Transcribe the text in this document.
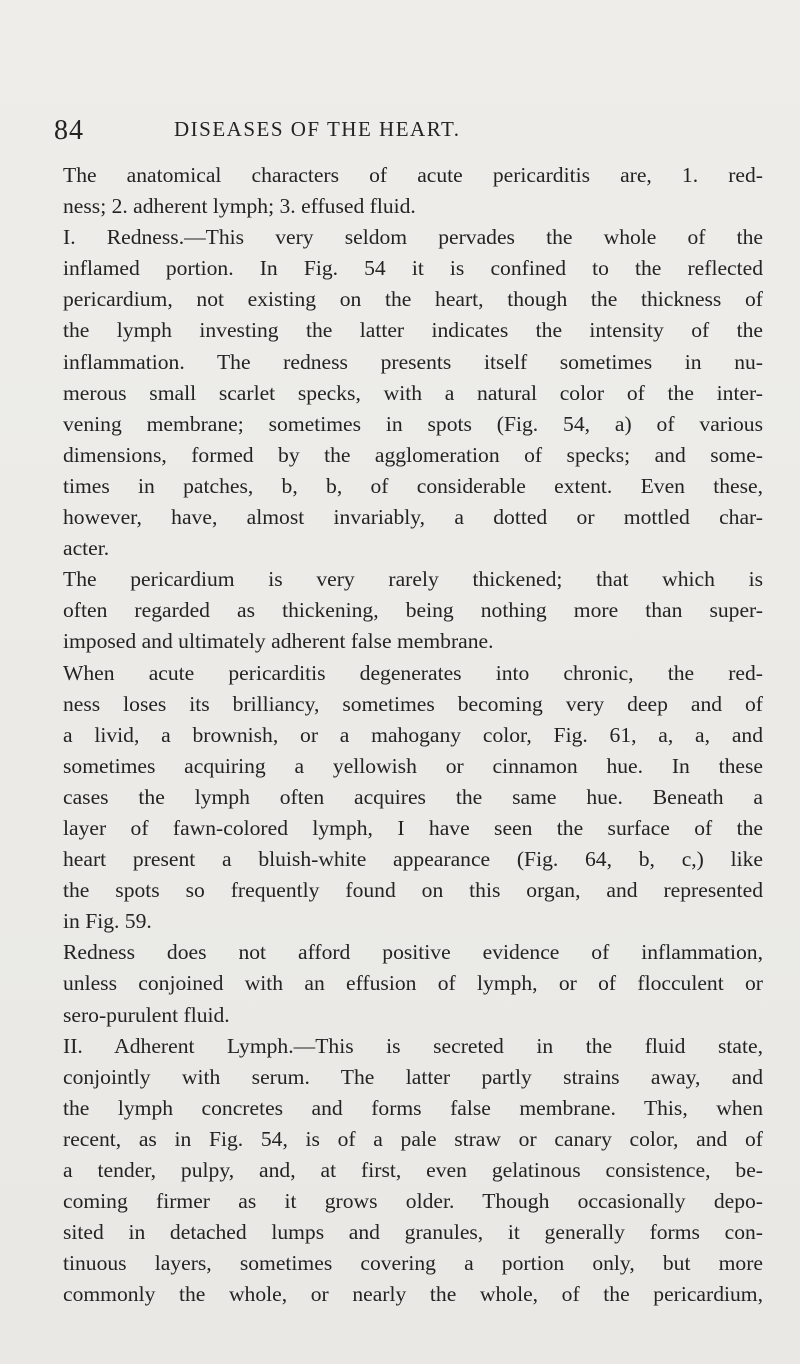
84	DISEASES OF THE HEART.
The anatomical characters of acute pericarditis are, 1. red-
ness; 2. adherent lymph; 3. effused fluid.
I. Redness.—This very seldom pervades the whole of the
inflamed portion. In Fig. 54 it is confined to the reflected
pericardium, not existing on the heart, though the thickness of
the lymph investing the latter indicates the intensity of the
inflammation. The redness presents itself sometimes in nu-
merous small scarlet specks, with a natural color of the inter-
vening membrane; sometimes in spots (Fig. 54, a) of various
dimensions, formed by the agglomeration of specks; and some-
times in patches, b, b, of considerable extent. Even these,
however, have, almost invariably, a dotted or mottled char-
acter.
The pericardium is very rarely thickened; that which is
often regarded as thickening, being nothing more than super-
imposed and ultimately adherent false membrane.
When acute pericarditis degenerates into chronic, the red-
ness loses its brilliancy, sometimes becoming very deep and of
a livid, a brownish, or a mahogany color, Fig. 61, a, a, and
sometimes acquiring a yellowish or cinnamon hue. In these
cases the lymph often acquires the same hue. Beneath a
layer of fawn-colored lymph, I have seen the surface of the
heart present a bluish-white appearance (Fig. 64, b, c,) like
the spots so frequently found on this organ, and represented
in Fig. 59.
Redness does not afford positive evidence of inflammation,
unless conjoined with an effusion of lymph, or of flocculent or
sero-purulent fluid.
II. Adherent Lymph.—This is secreted in the fluid state,
conjointly with serum. The latter partly strains away, and
the lymph concretes and forms false membrane. This, when
recent, as in Fig. 54, is of a pale straw or canary color, and of
a tender, pulpy, and, at first, even gelatinous consistence, be-
coming firmer as it grows older. Though occasionally depo-
sited in detached lumps and granules, it generally forms con-
tinuous layers, sometimes covering a portion only, but more
commonly the whole, or nearly the whole, of the pericardium,
